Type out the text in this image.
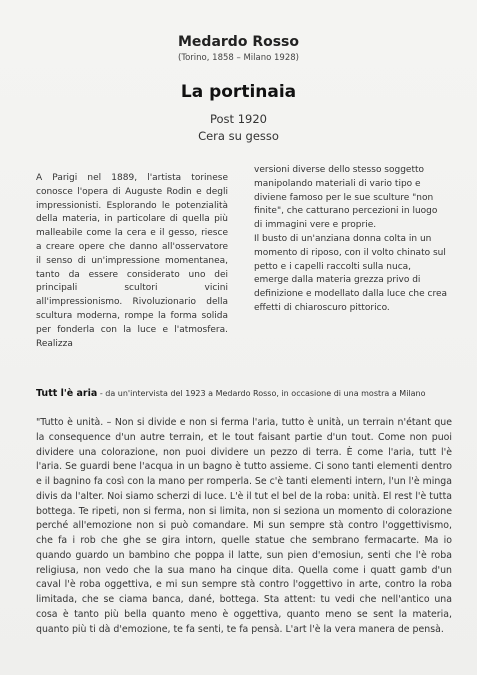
Medardo Rosso
(Torino, 1858 – Milano 1928)
La portinaia
Post 1920
Cera su gesso

A Parigi nel 1889, l'artista torinese conosce l'opera di Auguste Rodin e degli impressionisti. Esplorando le potenzialità della materia, in particolare di quella più malleabile come la cera e il gesso, riesce a creare opere che danno all'osservatore il senso di un'impressione momentanea, tanto da essere considerato uno dei principali scultori vicini all'impressionismo. Rivoluzionario della scultura moderna, rompe la forma solida per fonderla con la luce e l'atmosfera. Realizza

versioni diverse dello stesso soggetto manipolando materiali di vario tipo e diviene famoso per le sue sculture "non finite", che catturano percezioni in luogo di immagini vere e proprie.

Il busto di un'anziana donna colta in un momento di riposo, con il volto chinato sul petto e i capelli raccolti sulla nuca, emerge dalla materia grezza privo di definizione e modellato dalla luce che crea effetti di chiaroscuro pittorico.

Tutt l'è aria - da un'intervista del 1923 a Medardo Rosso, in occasione di una mostra a Milano

"Tutto è unità. – Non si divide e non si ferma l'aria, tutto è unità, un terrain n'étant que la consequence d'un autre terrain, et le tout faisant partie d'un tout. Come non puoi dividere una colorazione, non puoi dividere un pezzo di terra. È come l'aria, tutt l'è l'aria. Se guardi bene l'acqua in un bagno è tutto assieme. Ci sono tanti elementi dentro e il bagnino fa così con la mano per romperla. Se c'è tanti elementi intern, l'un l'è minga divis da l'alter. Noi siamo scherzi di luce. L'è il tut el bel de la roba: unità. El rest l'è tutta bottega. Te ripeti, non si ferma, non si limita, non si seziona un momento di colorazione perché all'emozione non si può comandare. Mi sun sempre stà contro l'oggettivismo, che fa i rob che ghe se gira intorn, quelle statue che sembrano fermacarte. Ma io quando guardo un bambino che poppa il latte, sun pien d'emosiun, senti che l'è roba religiusa, non vedo che la sua mano ha cinque dita. Quella come i quatt gamb d'un caval l'è roba oggettiva, e mi sun sempre stà contro l'oggettivo in arte, contro la roba limitada, che se ciama banca, dané, bottega. Sta attent: tu vedi che nell'antico una cosa è tanto più bella quanto meno è oggettiva, quanto meno se sent la materia, quanto più ti dà d'emozione, te fa senti, te fa pensà. L'art l'è la vera manera de pensà.
